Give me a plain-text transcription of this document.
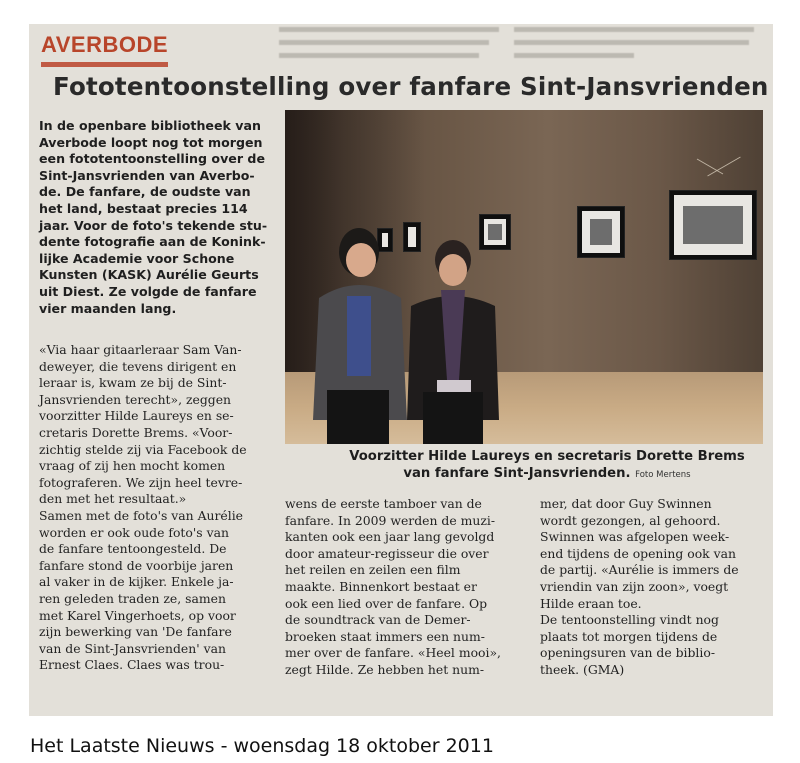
AVERBODE
Fototentoonstelling over fanfare Sint-Jansvrienden

In de openbare bibliotheek van

Averbode loopt nog tot morgen

een fototentoonstelling over de

Sint-Jansvrienden van Averbo-

de. De fanfare, de oudste van

het land, bestaat precies 114

jaar. Voor de foto's tekende stu-

dente fotografie aan de Konink-

lijke Academie voor Schone

Kunsten (KASK) Aurélie Geurts

uit Diest. Ze volgde de fanfare

vier maanden lang.

«Via haar gitaarleraar Sam Van-

deweyer, die tevens dirigent en

leraar is, kwam ze bij de Sint-

Jansvrienden terecht», zeggen

voorzitter Hilde Laureys en se-

cretaris Dorette Brems. «Voor-

zichtig stelde zij via Facebook de

vraag of zij hen mocht komen

fotograferen. We zijn heel tevre-

den met het resultaat.»

Samen met de foto's van Aurélie

worden er ook oude foto's van

de fanfare tentoongesteld. De

fanfare stond de voorbije jaren

al vaker in de kijker. Enkele ja-

ren geleden traden ze, samen

met Karel Vingerhoets, op voor

zijn bewerking van 'De fanfare

van de Sint-Jansvrienden' van

Ernest Claes. Claes was trou-

Voorzitter Hilde Laureys en secretaris Dorette Brems
van fanfare Sint-Jansvrienden. Foto Mertens

wens de eerste tamboer van de

fanfare. In 2009 werden de muzi-

kanten ook een jaar lang gevolgd

door amateur-regisseur die over

het reilen en zeilen een film

maakte. Binnenkort bestaat er

ook een lied over de fanfare. Op

de soundtrack van de Demer-

broeken staat immers een num-

mer over de fanfare. «Heel mooi»,

zegt Hilde. Ze hebben het num-

mer, dat door Guy Swinnen

wordt gezongen, al gehoord.

Swinnen was afgelopen week-

end tijdens de opening ook van

de partij. «Aurélie is immers de

vriendin van zijn zoon», voegt

Hilde eraan toe.

De tentoonstelling vindt nog

plaats tot morgen tijdens de

openingsuren van de biblio-

theek. (GMA)

Het Laatste Nieuws - woensdag 18 oktober 2011
